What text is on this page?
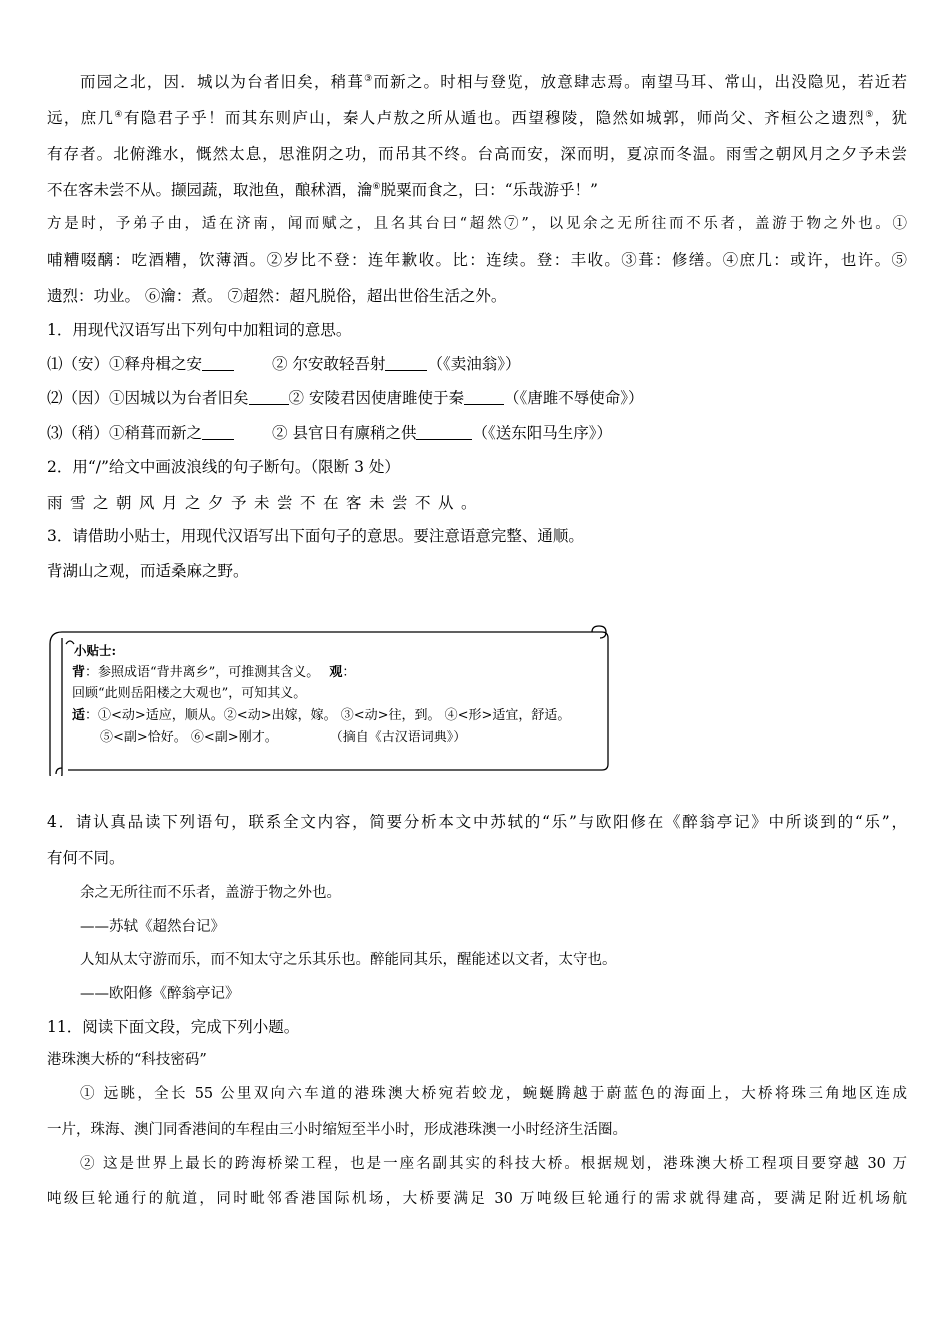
而园之北，因．城以为台者旧矣，稍葺③而新之。时相与登览，放意肆志焉。南望马耳、常山，出没隐见，若近若
远，庶几④有隐君子乎！而其东则庐山，秦人卢敖之所从遁也。西望穆陵，隐然如城郭，师尚父、齐桓公之遗烈⑤，犹
有存者。北俯潍水，慨然太息，思淮阴之功，而吊其不终。台高而安，深而明，夏凉而冬温。雨雪之朝风月之夕予未尝
不在客未尝不从。撷园蔬，取池鱼，酿秫酒，瀹⑥脱粟而食之，曰：“乐哉游乎！”
方是时，予弟子由，适在济南，闻而赋之，且名其台曰“超然⑦”，以见余之无所往而不乐者，盖游于物之外也。①
哺糟啜醨：吃酒糟，饮薄酒。②岁比不登：连年歉收。比：连续。登：丰收。③葺：修缮。④庶几：或许，也许。⑤
遗烈：功业。 ⑥瀹：煮。 ⑦超然：超凡脱俗，超出世俗生活之外。
1．用现代汉语写出下列句中加粗词的意思。
⑴（安）①释舟楫之安	② 尔安敢轻吾射	（《卖油翁》）
⑵（因）①因城以为台者旧矣	② 安陵君因使唐雎使于秦	（《唐雎不辱使命》）
⑶（稍）①稍葺而新之	② 县官日有廪稍之供	（《送东阳马生序》）
2．用“/”给文中画波浪线的句子断句。（限断 3 处）
雨雪之朝风月之夕予未尝不在客未尝不从。
3．请借助小贴士，用现代汉语写出下面句子的意思。要注意语意完整、通顺。
背湖山之观，而适桑麻之野。
小贴士:
背：参照成语“背井离乡”，可推测其含义。 观：
回顾“此则岳阳楼之大观也”，可知其义。
适：①<动>适应，顺从。②<动>出嫁，嫁。 ③<动>往，到。 ④<形>适宜，舒适。
⑤<副>恰好。 ⑥<副>刚才。	（摘自《古汉语词典》）
4．请认真品读下列语句，联系全文内容，简要分析本文中苏轼的“乐”与欧阳修在《醉翁亭记》中所谈到的“乐”，
有何不同。
余之无所往而不乐者，盖游于物之外也。
——苏轼《超然台记》
人知从太守游而乐，而不知太守之乐其乐也。醉能同其乐，醒能述以文者，太守也。
——欧阳修《醉翁亭记》
11．阅读下面文段，完成下列小题。
港珠澳大桥的“科技密码”
① 远眺，全长 55 公里双向六车道的港珠澳大桥宛若蛟龙，蜿蜒腾越于蔚蓝色的海面上，大桥将珠三角地区连成
一片，珠海、澳门同香港间的车程由三小时缩短至半小时，形成港珠澳一小时经济生活圈。
② 这是世界上最长的跨海桥梁工程，也是一座名副其实的科技大桥。根据规划，港珠澳大桥工程项目要穿越 30 万
吨级巨轮通行的航道，同时毗邻香港国际机场，大桥要满足 30 万吨级巨轮通行的需求就得建高，要满足附近机场航
